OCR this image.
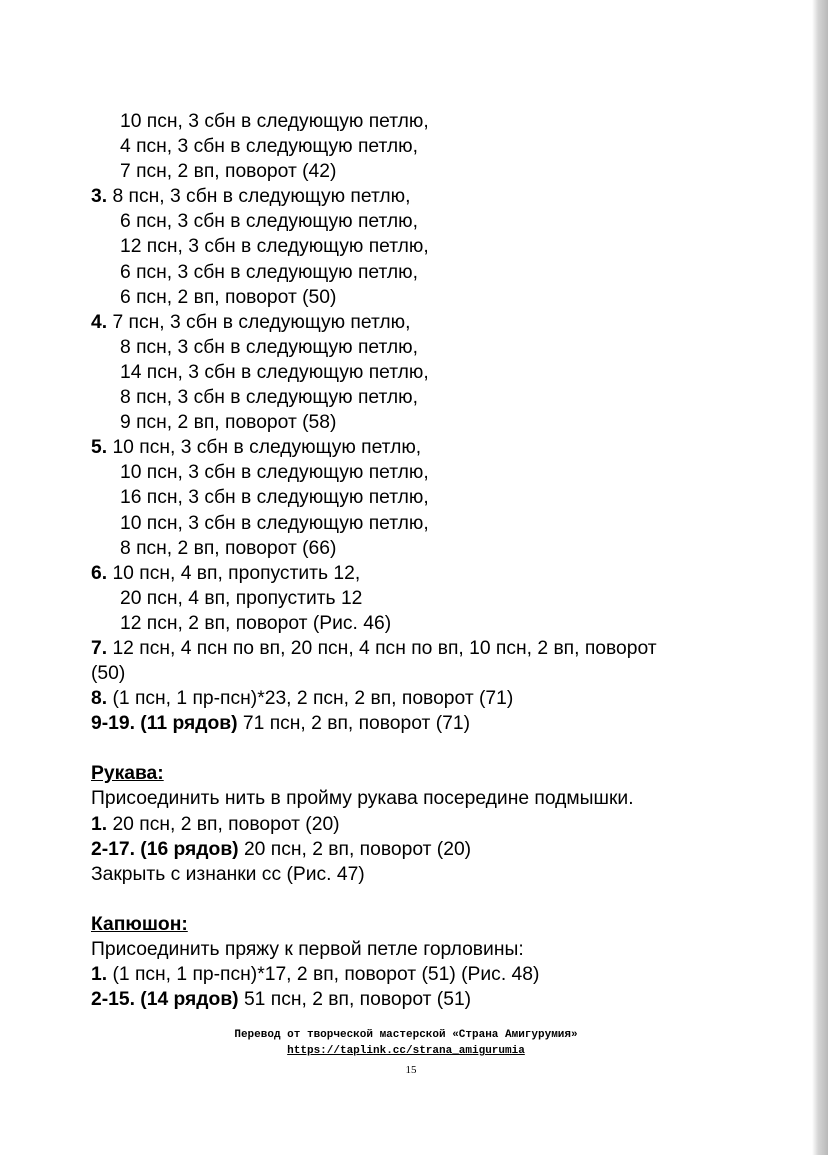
10 псн, 3 сбн в следующую петлю,
4 псн, 3 сбн в следующую петлю,
7 псн, 2 вп, поворот (42)
3. 8 псн, 3 сбн в следующую петлю,
6 псн, 3 сбн в следующую петлю,
12 псн, 3 сбн в следующую петлю,
6 псн, 3 сбн в следующую петлю,
6 псн, 2 вп, поворот (50)
4. 7 псн, 3 сбн в следующую петлю,
8 псн, 3 сбн в следующую петлю,
14 псн, 3 сбн в следующую петлю,
8 псн, 3 сбн в следующую петлю,
9 псн, 2 вп, поворот (58)
5. 10 псн, 3 сбн в следующую петлю,
10 псн, 3 сбн в следующую петлю,
16 псн, 3 сбн в следующую петлю,
10 псн, 3 сбн в следующую петлю,
8 псн, 2 вп, поворот (66)
6. 10 псн, 4 вп, пропустить 12,
20 псн, 4 вп, пропустить 12
12 псн, 2 вп, поворот (Рис. 46)
7. 12 псн, 4 псн по вп, 20 псн, 4 псн по вп, 10 псн, 2 вп, поворот
(50)
8. (1 псн, 1 пр-псн)*23, 2 псн, 2 вп, поворот (71)
9-19. (11 рядов) 71 псн, 2 вп, поворот (71)
Рукава:
Присоединить нить в пройму рукава посередине подмышки.
1. 20 псн, 2 вп, поворот (20)
2-17. (16 рядов) 20 псн, 2 вп, поворот (20)
Закрыть с изнанки сс (Рис. 47)
Капюшон:
Присоединить пряжу к первой петле горловины:
1. (1 псн, 1 пр-псн)*17, 2 вп, поворот (51) (Рис. 48)
2-15. (14 рядов) 51 псн, 2 вп, поворот (51)
Перевод от творческой мастерской «Страна Амигурумия»
https://taplink.cc/strana_amigurumia
15
